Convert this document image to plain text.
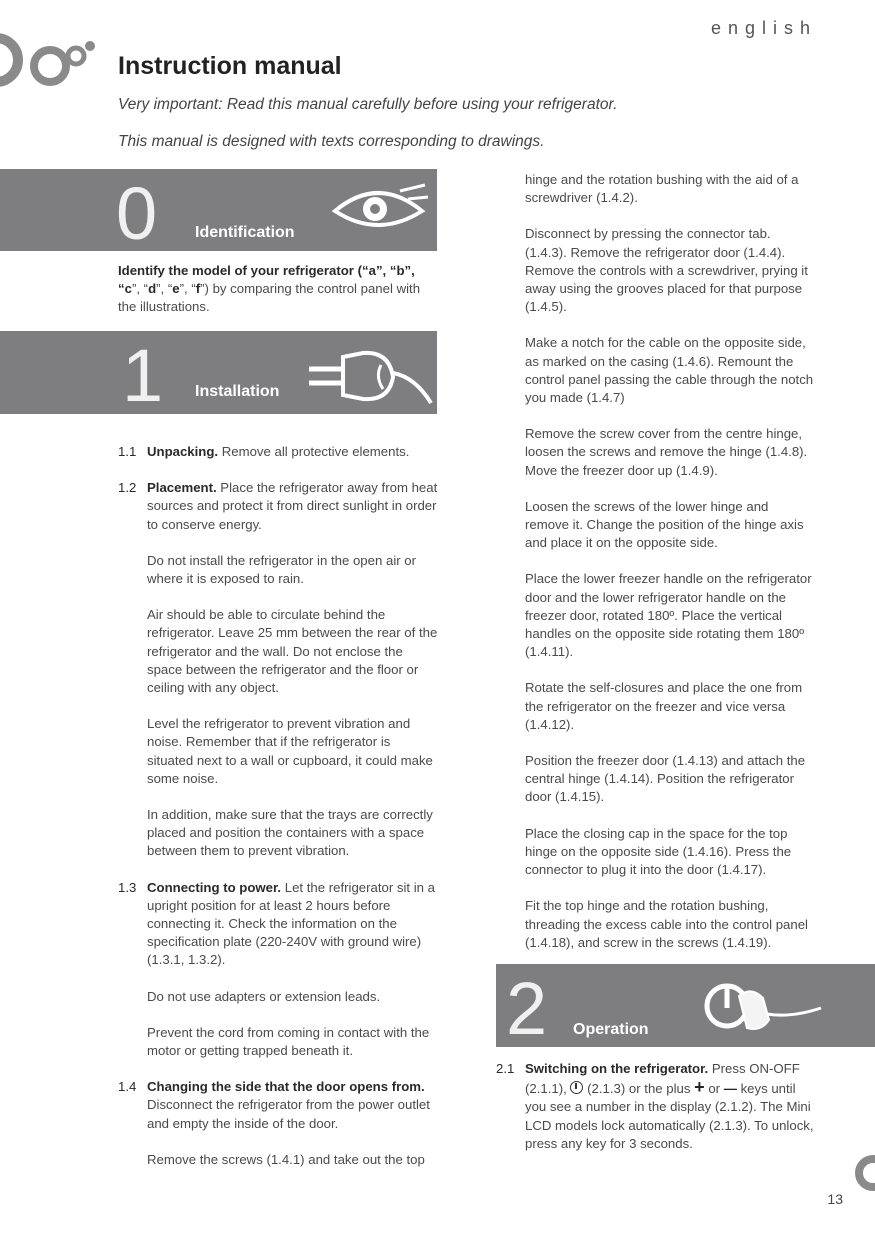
english
Instruction manual
Very important: Read this manual carefully before using your refrigerator.
This manual is designed with texts corresponding to drawings.
0 Identification
Identify the model of your refrigerator (“a”, “b”, “c”, “d”, “e”, “f”) by comparing the control panel with the illustrations.
1 Installation
1.1 Unpacking. Remove all protective elements.
1.2 Placement. Place the refrigerator away from heat sources and protect it from direct sunlight in order to conserve energy.

Do not install the refrigerator in the open air or where it is exposed to rain.

Air should be able to circulate behind the refrigerator. Leave 25 mm between the rear of the refrigerator and the wall. Do not enclose the space between the refrigerator and the floor or ceiling with any object.

Level the refrigerator to prevent vibration and noise. Remember that if the refrigerator is situated next to a wall or cupboard, it could make some noise.

In addition, make sure that the trays are correctly placed and position the containers with a space between them to prevent vibration.

1.3 Connecting to power. Let the refrigerator sit in a upright position for at least 2 hours before connecting it. Check the information on the specification plate (220-240V with ground wire) (1.3.1, 1.3.2).

Do not use adapters or extension leads.

Prevent the cord from coming in contact with the motor or getting trapped beneath it.

1.4 Changing the side that the door opens from. Disconnect the refrigerator from the power outlet and empty the inside of the door.

Remove the screws (1.4.1) and take out the top

hinge and the rotation bushing with the aid of a screwdriver (1.4.2).

Disconnect by pressing the connector tab. (1.4.3). Remove the refrigerator door (1.4.4). Remove the controls with a screwdriver, prying it away using the grooves placed for that purpose (1.4.5).

Make a notch for the cable on the opposite side, as marked on the casing (1.4.6). Remount the control panel passing the cable through the notch you made (1.4.7)

Remove the screw cover from the centre hinge, loosen the screws and remove the hinge (1.4.8). Move the freezer door up (1.4.9).

Loosen the screws of the lower hinge and remove it. Change the position of the hinge axis and place it on the opposite side.

Place the lower freezer handle on the refrigerator door and the lower refrigerator handle on the freezer door, rotated 180º. Place the vertical handles on the opposite side rotating them 180º (1.4.11).

Rotate the self-closures and place the one from the refrigerator on the freezer and vice versa (1.4.12).

Position the freezer door (1.4.13) and attach the central hinge (1.4.14). Position the refrigerator door (1.4.15).

Place the closing cap in the space for the top hinge on the opposite side (1.4.16). Press the connector to plug it into the door (1.4.17).

Fit the top hinge and the rotation bushing, threading the excess cable into the control panel (1.4.18), and screw in the screws (1.4.19).

2 Operation
2.1 Switching on the refrigerator. Press ON-OFF (2.1.1),
(2.1.3) or the plus + or — keys until you see a number in the display (2.1.2). The Mini LCD models lock automatically (2.1.3). To unlock, press any key for 3 seconds.
13
